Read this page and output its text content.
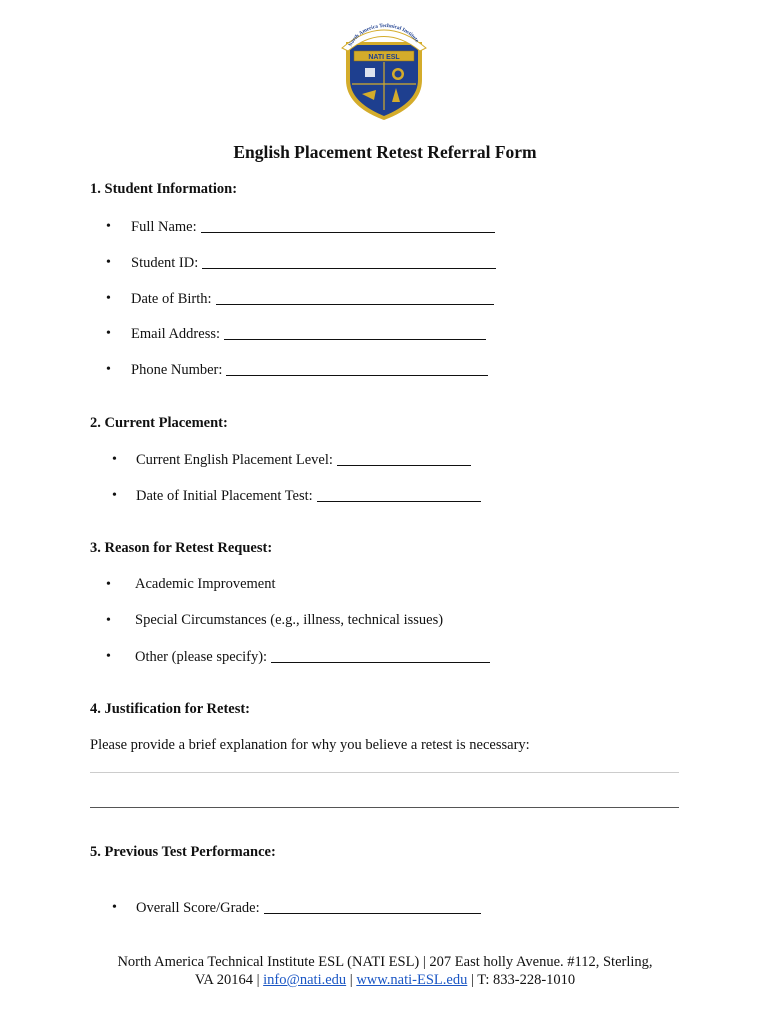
North America Technical Institute
NATI ESL
English Placement Retest Referral Form
1. Student Information:
• Full Name:
• Student ID:
• Date of Birth:
• Email Address:
• Phone Number:
2. Current Placement:
• Current English Placement Level:
• Date of Initial Placement Test:
3. Reason for Retest Request:
• Academic Improvement
• Special Circumstances (e.g., illness, technical issues)
• Other (please specify):
4. Justification for Retest:
Please provide a brief explanation for why you believe a retest is necessary:
5. Previous Test Performance:
• Overall Score/Grade:
North America Technical Institute ESL (NATI ESL) | 207 East holly Avenue. #112, Sterling,
VA 20164 | info@nati.edu | www.nati-ESL.edu | T: 833-228-1010
